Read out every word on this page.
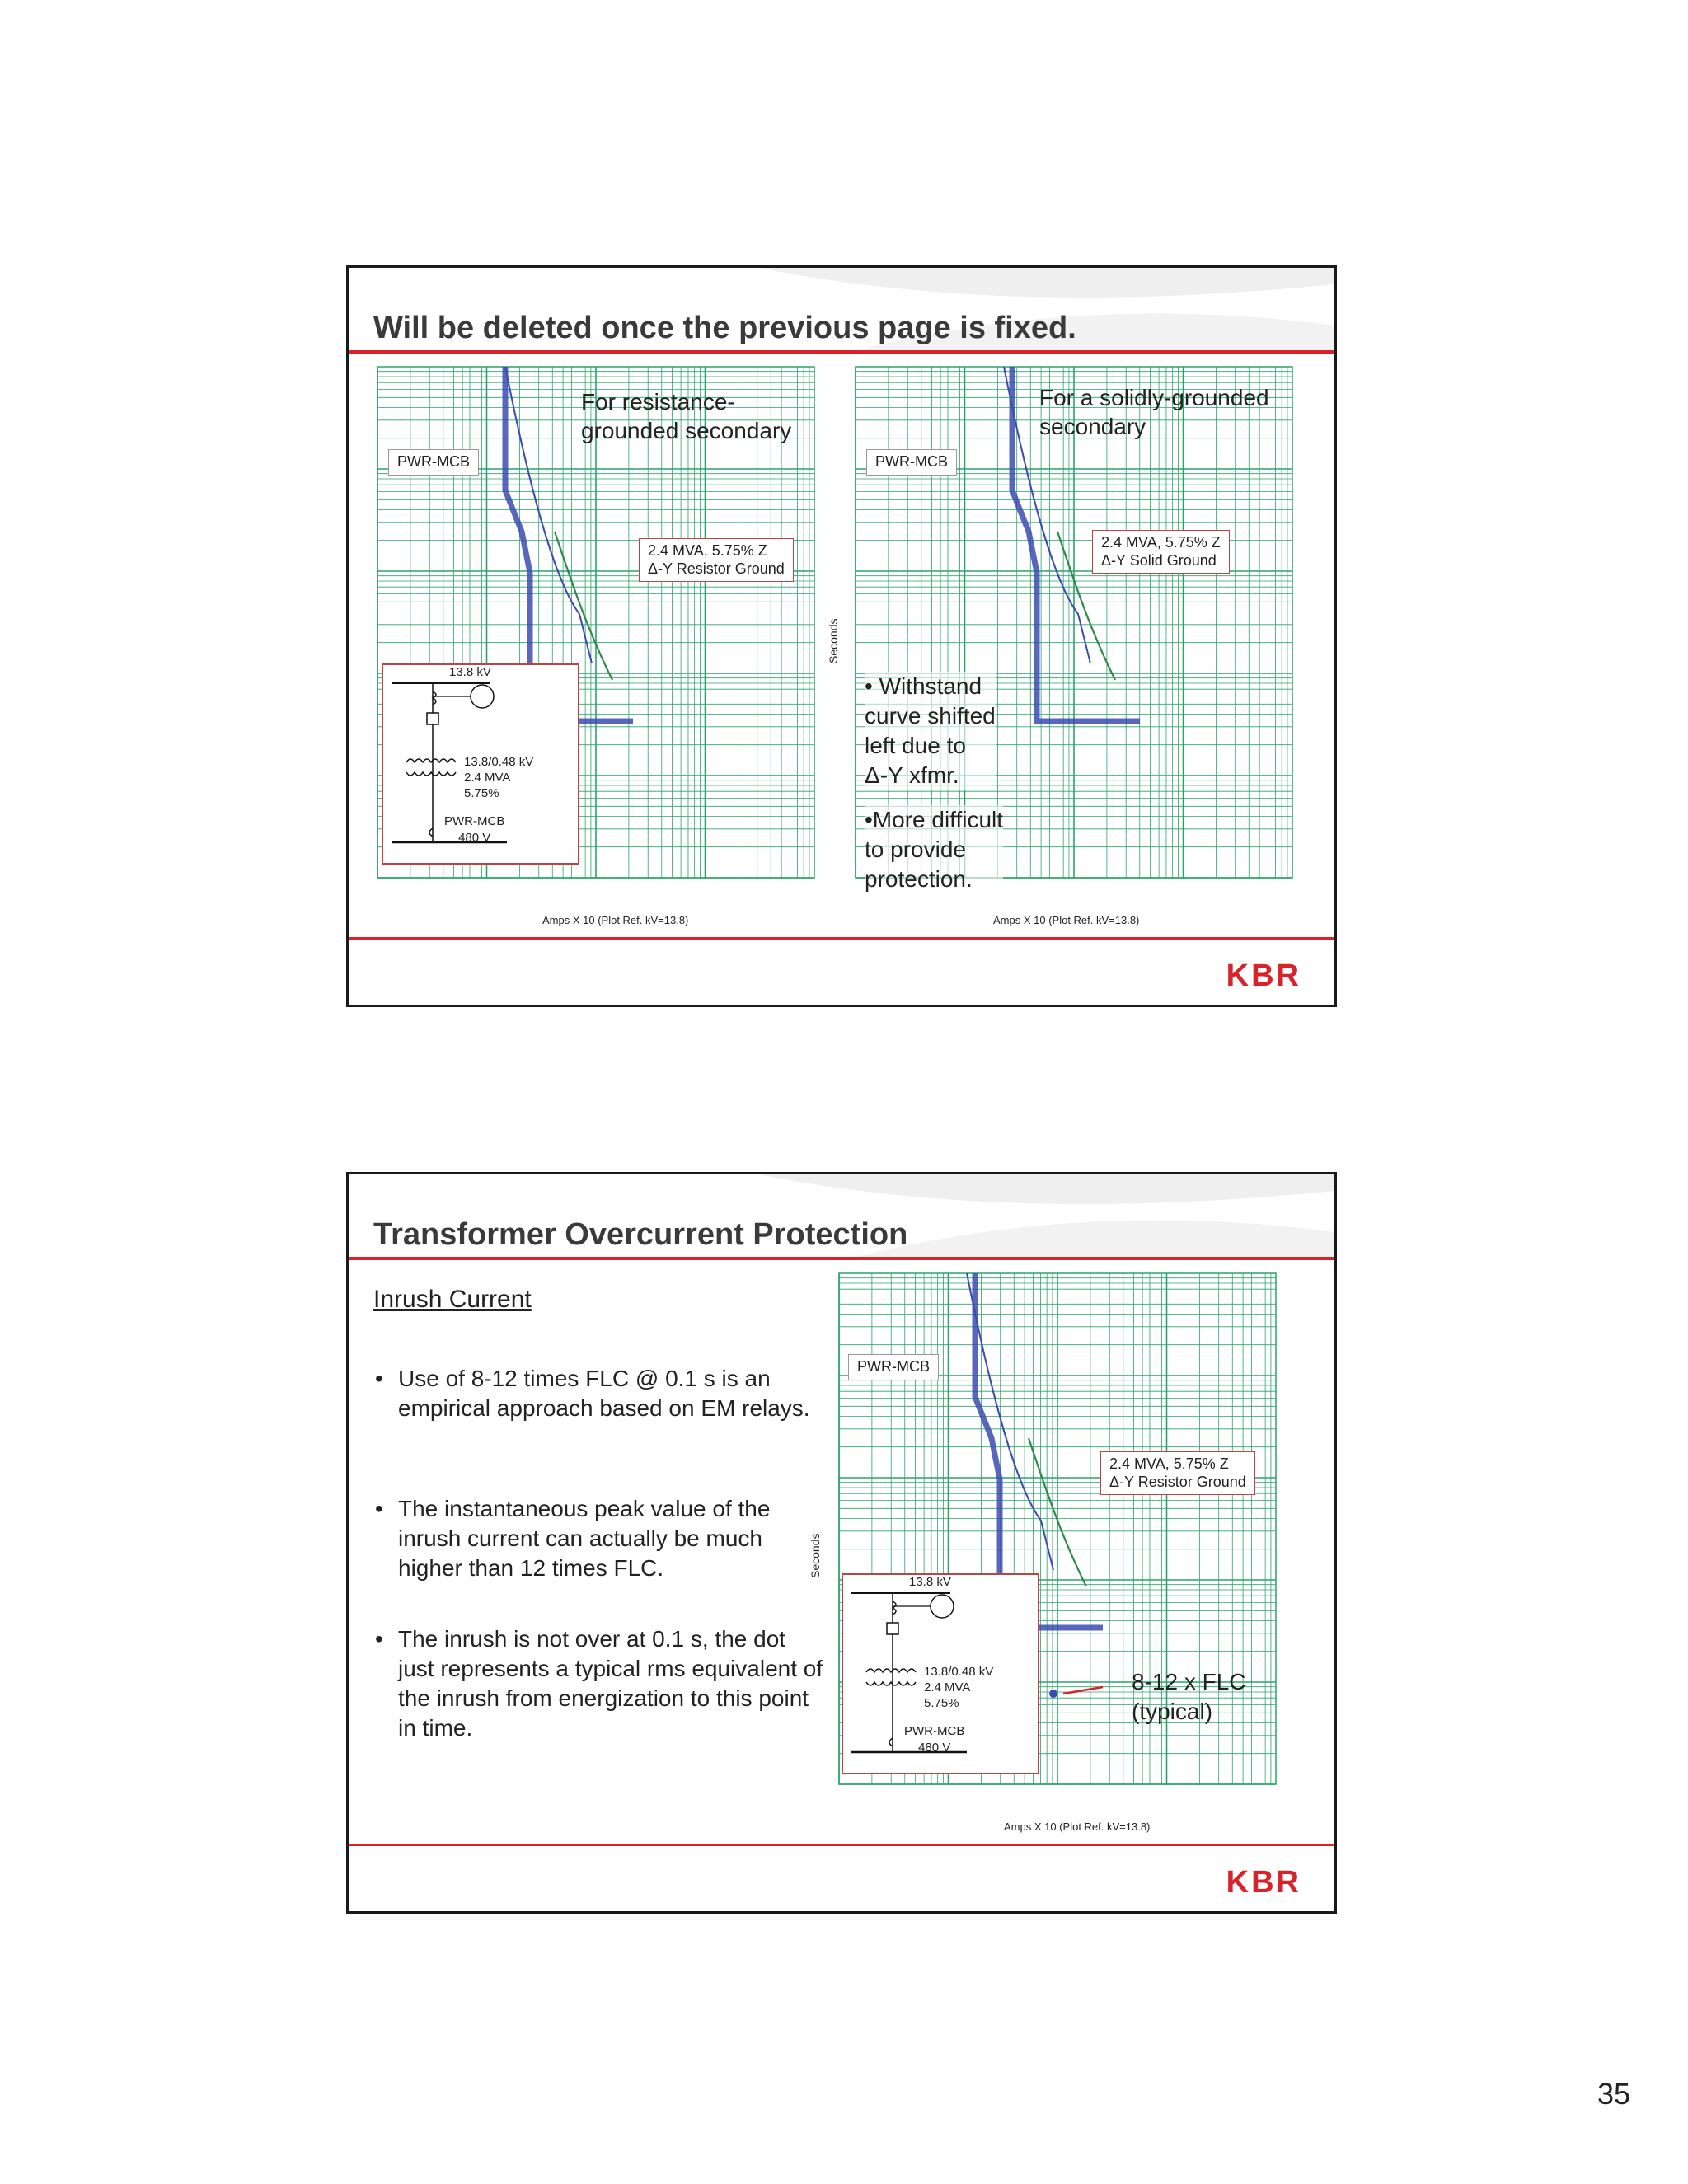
Will be deleted once the previous page is fixed.
For resistance-
grounded secondary
PWR-MCB
2.4 MVA, 5.75% Z
Δ-Y Resistor Ground
13.8 kV
13.8/0.48 kV
2.4 MVA
5.75%
PWR-MCB
480 V
Amps X 10 (Plot Ref. kV=13.8)
For a solidly-grounded
secondary
PWR-MCB
2.4 MVA, 5.75% Z
Δ-Y Solid Ground
Seconds
• Withstand
curve shifted
left due to
Δ-Y xfmr.
•More difficult
to provide
protection.
Amps X 10 (Plot Ref. kV=13.8)
KBR
Transformer Overcurrent Protection
Inrush Current
• Use of 8-12 times FLC @ 0.1 s is an empirical approach based on EM relays.
• The instantaneous peak value of the inrush current can actually be much higher than 12 times FLC.
• The inrush is not over at 0.1 s, the dot just represents a typical rms equivalent of the inrush from energization to this point in time.
Seconds
PWR-MCB
2.4 MVA, 5.75% Z
Δ-Y Resistor Ground
13.8 kV
13.8/0.48 kV
2.4 MVA
5.75%
PWR-MCB
480 V
8-12 x FLC
(typical)
Amps X 10 (Plot Ref. kV=13.8)
KBR
35
